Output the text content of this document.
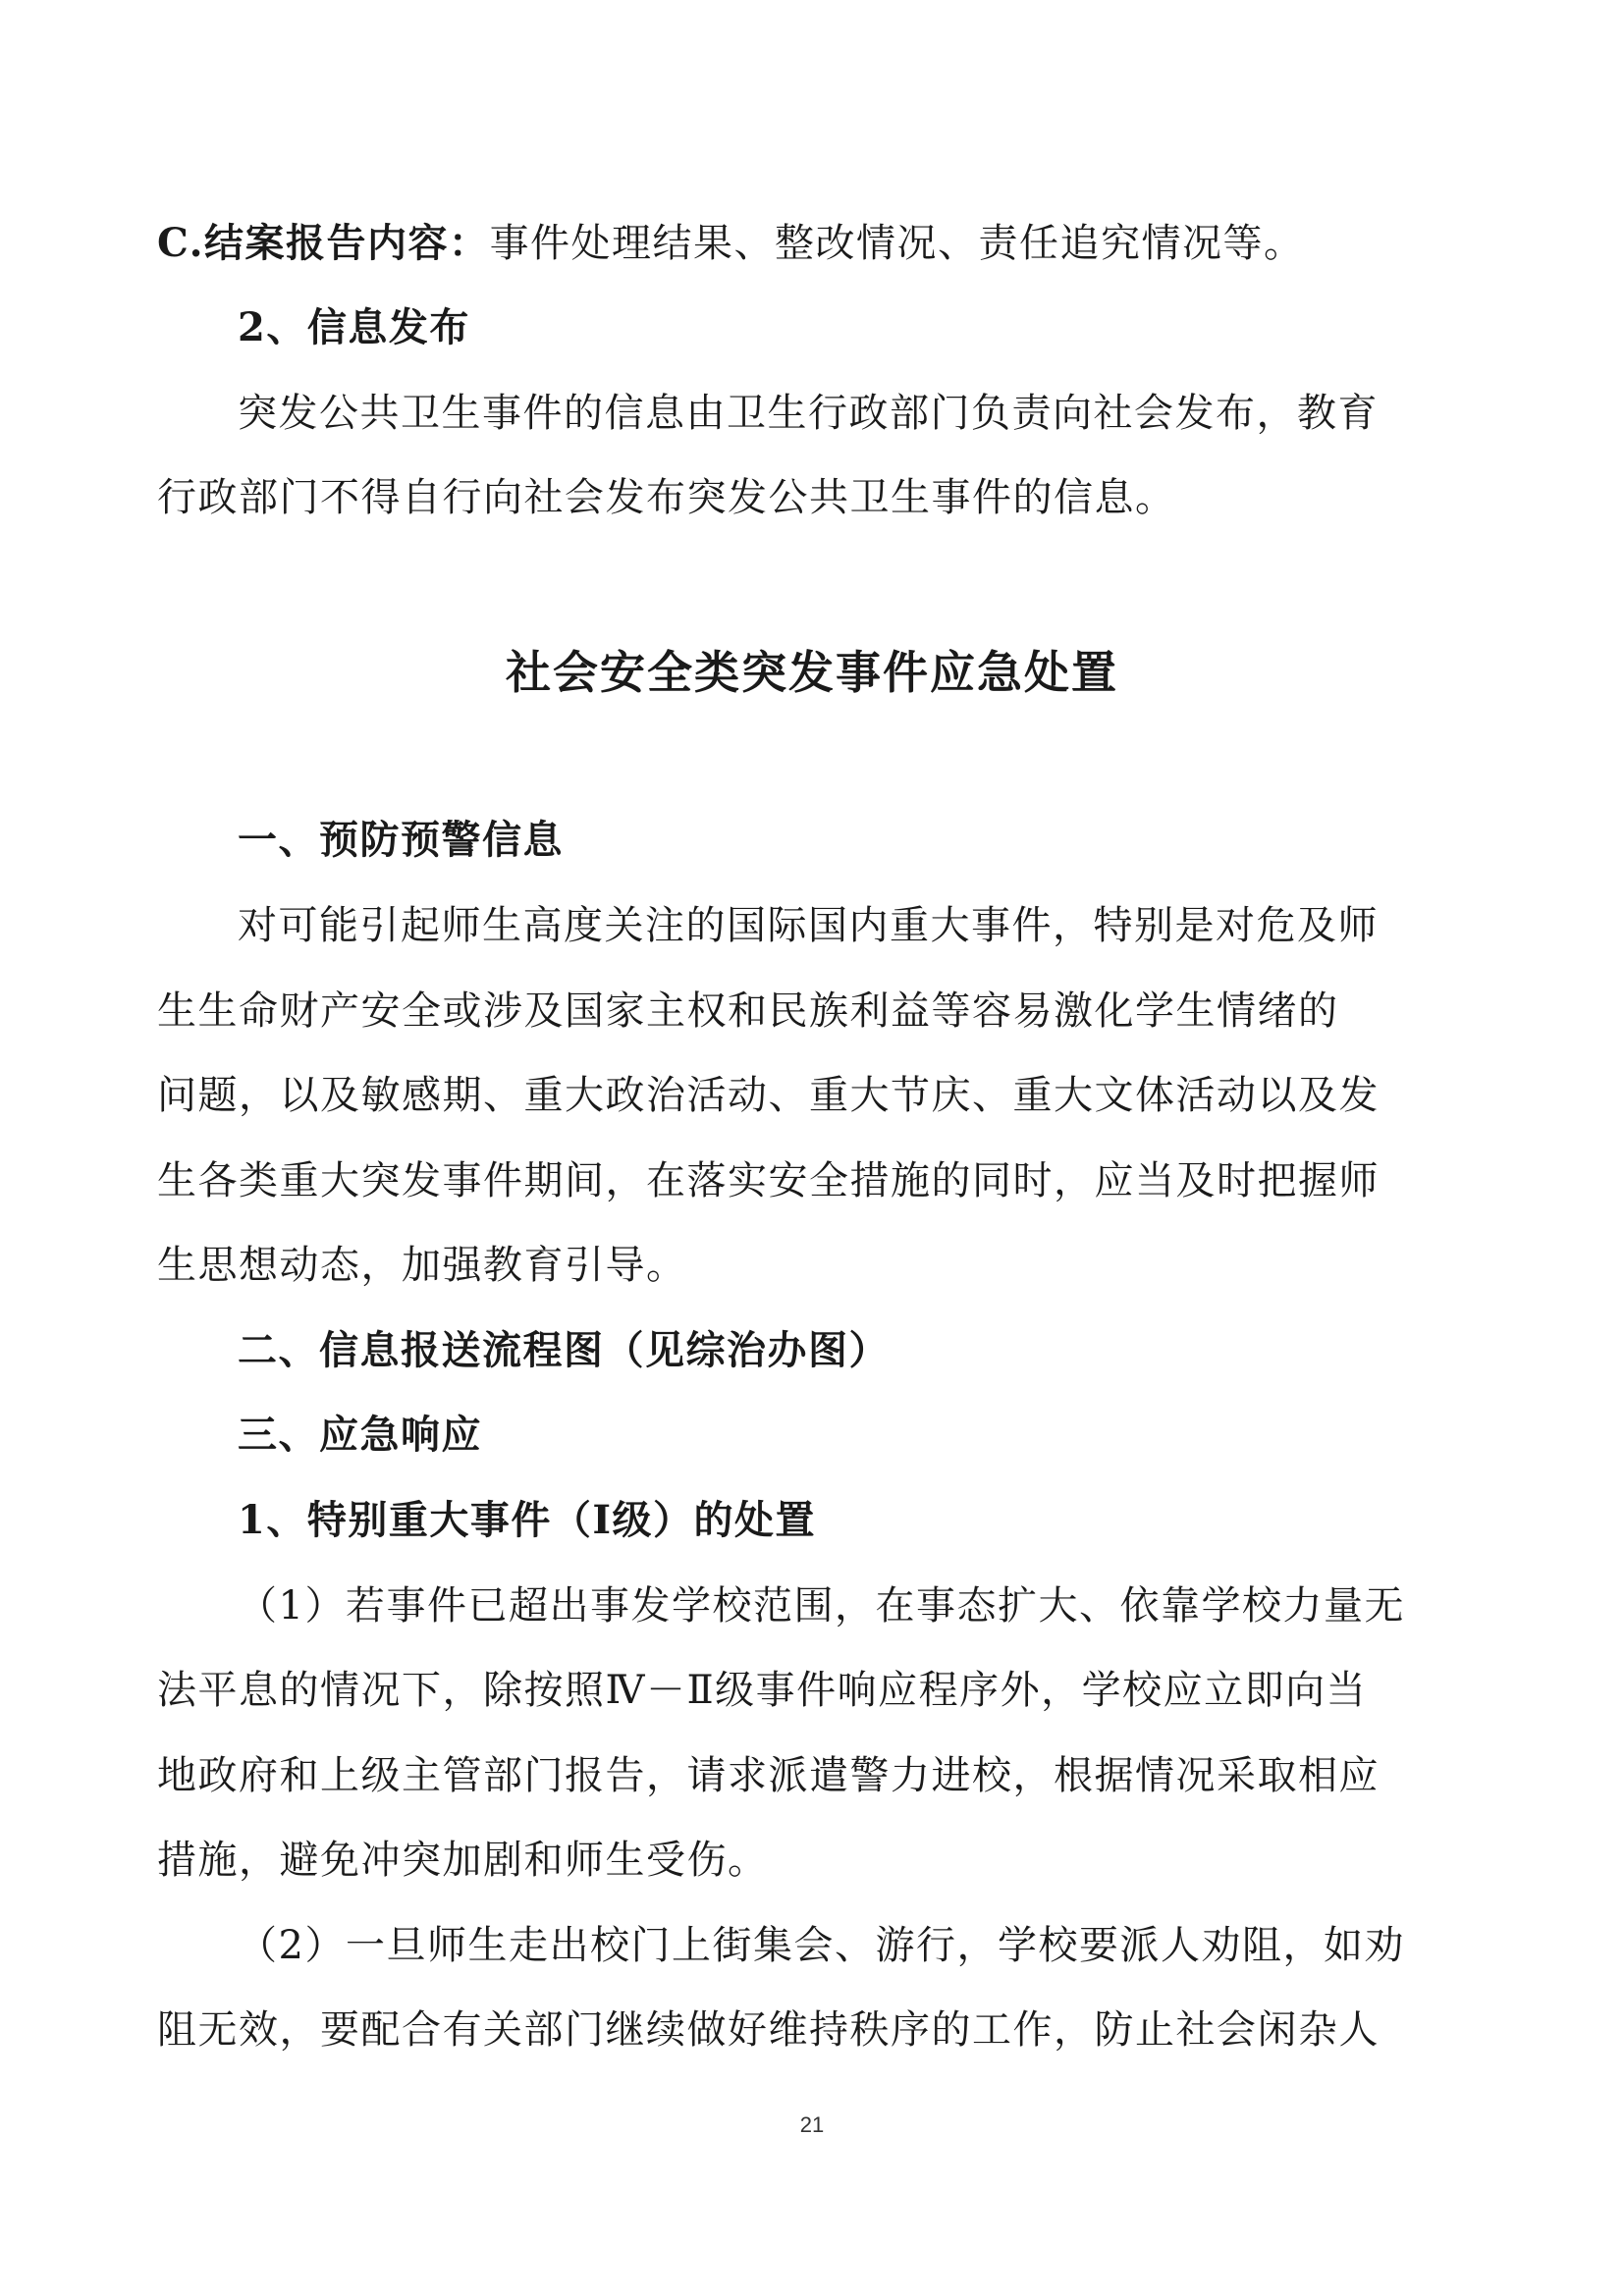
C.结案报告内容：事件处理结果、整改情况、责任追究情况等。
2、信息发布
突发公共卫生事件的信息由卫生行政部门负责向社会发布，教育
行政部门不得自行向社会发布突发公共卫生事件的信息。
社会安全类突发事件应急处置
一、预防预警信息
对可能引起师生高度关注的国际国内重大事件，特别是对危及师
生生命财产安全或涉及国家主权和民族利益等容易激化学生情绪的
问题，以及敏感期、重大政治活动、重大节庆、重大文体活动以及发
生各类重大突发事件期间，在落实安全措施的同时，应当及时把握师
生思想动态，加强教育引导。
二、信息报送流程图（见综治办图）
三、应急响应
1、特别重大事件（Ⅰ级）的处置
（1）若事件已超出事发学校范围，在事态扩大、依靠学校力量无
法平息的情况下，除按照Ⅳ－Ⅱ级事件响应程序外，学校应立即向当
地政府和上级主管部门报告，请求派遣警力进校，根据情况采取相应
措施，避免冲突加剧和师生受伤。
（2）一旦师生走出校门上街集会、游行，学校要派人劝阻，如劝
阻无效，要配合有关部门继续做好维持秩序的工作，防止社会闲杂人
21
